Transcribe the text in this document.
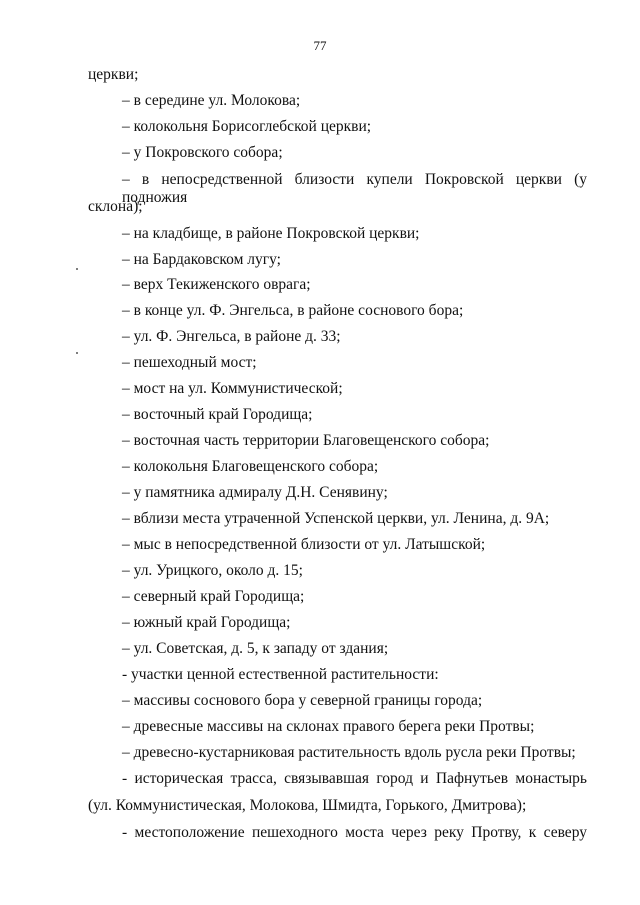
77
церкви;
– в середине ул. Молокова;
– колокольня Борисоглебской церкви;
– у Покровского собора;
– в непосредственной близости купели Покровской церкви (у подножия
склона);
– на кладбище, в районе Покровской церкви;
– на Бардаковском лугу;
– верх Текиженского оврага;
– в конце ул. Ф. Энгельса, в районе соснового бора;
– ул. Ф. Энгельса, в районе д. 33;
– пешеходный мост;
– мост на ул. Коммунистической;
– восточный край Городища;
– восточная часть территории Благовещенского собора;
– колокольня Благовещенского собора;
– у памятника адмиралу Д.Н. Сенявину;
– вблизи места утраченной Успенской церкви, ул. Ленина, д. 9А;
– мыс в непосредственной близости от ул. Латышской;
– ул. Урицкого, около д. 15;
– северный край Городища;
– южный край Городища;
– ул. Советская, д. 5, к западу от здания;
- участки ценной естественной растительности:
– массивы соснового бора у северной границы города;
– древесные массивы на склонах правого берега реки Протвы;
– древесно-кустарниковая растительность вдоль русла реки Протвы;
- историческая трасса, связывавшая город и Пафнутьев монастырь
(ул. Коммунистическая, Молокова, Шмидта, Горького, Дмитрова);
- местоположение пешеходного моста через реку Протву, к северу
